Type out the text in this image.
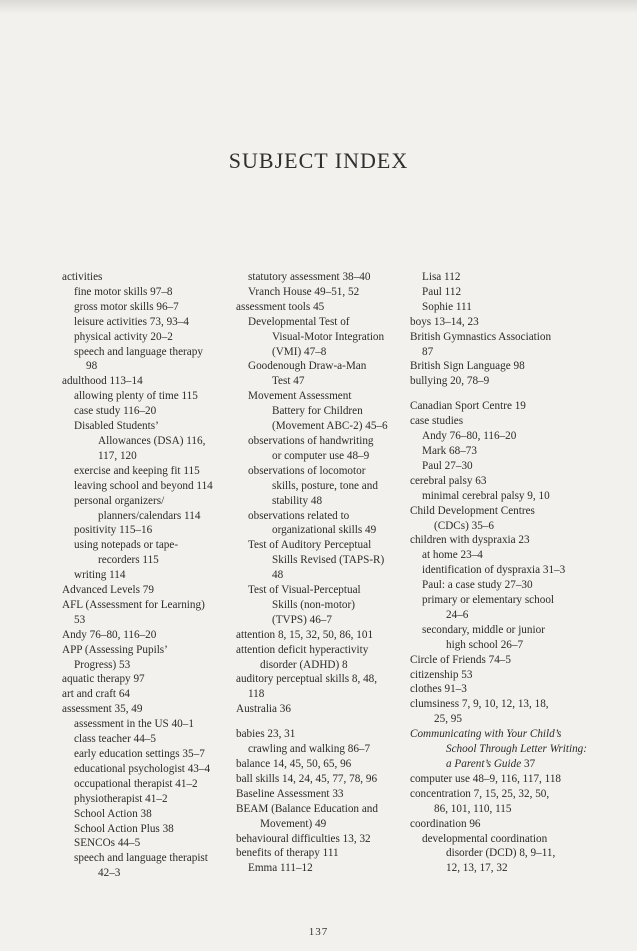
SUBJECT INDEX
activities
fine motor skills 97–8
gross motor skills 96–7
leisure activities 73, 93–4
physical activity 20–2
speech and language therapy
98
adulthood 113–14
allowing plenty of time 115
case study 116–20
Disabled Students’
Allowances (DSA) 116,
117, 120
exercise and keeping fit 115
leaving school and beyond 114
personal organizers/
planners/calendars 114
positivity 115–16
using notepads or tape-
recorders 115
writing 114
Advanced Levels 79
AFL (Assessment for Learning)
53
Andy 76–80, 116–20
APP (Assessing Pupils’
Progress) 53
aquatic therapy 97
art and craft 64
assessment 35, 49
assessment in the US 40–1
class teacher 44–5
early education settings 35–7
educational psychologist 43–4
occupational therapist 41–2
physiotherapist 41–2
School Action 38
School Action Plus 38
SENCOs 44–5
speech and language therapist
42–3
statutory assessment 38–40
Vranch House 49–51, 52
assessment tools 45
Developmental Test of
Visual-Motor Integration
(VMI) 47–8
Goodenough Draw-a-Man
Test 47
Movement Assessment
Battery for Children
(Movement ABC-2) 45–6
observations of handwriting
or computer use 48–9
observations of locomotor
skills, posture, tone and
stability 48
observations related to
organizational skills 49
Test of Auditory Perceptual
Skills Revised (TAPS-R)
48
Test of Visual-Perceptual
Skills (non-motor)
(TVPS) 46–7
attention 8, 15, 32, 50, 86, 101
attention deficit hyperactivity
disorder (ADHD) 8
auditory perceptual skills 8, 48,
118
Australia 36
babies 23, 31
crawling and walking 86–7
balance 14, 45, 50, 65, 96
ball skills 14, 24, 45, 77, 78, 96
Baseline Assessment 33
BEAM (Balance Education and
Movement) 49
behavioural difficulties 13, 32
benefits of therapy 111
Emma 111–12
Lisa 112
Paul 112
Sophie 111
boys 13–14, 23
British Gymnastics Association
87
British Sign Language 98
bullying 20, 78–9
Canadian Sport Centre 19
case studies
Andy 76–80, 116–20
Mark 68–73
Paul 27–30
cerebral palsy 63
minimal cerebral palsy 9, 10
Child Development Centres
(CDCs) 35–6
children with dyspraxia 23
at home 23–4
identification of dyspraxia 31–3
Paul: a case study 27–30
primary or elementary school
24–6
secondary, middle or junior
high school 26–7
Circle of Friends 74–5
citizenship 53
clothes 91–3
clumsiness 7, 9, 10, 12, 13, 18,
25, 95
Communicating with Your Child’s
School Through Letter Writing:
a Parent’s Guide 37
computer use 48–9, 116, 117, 118
concentration 7, 15, 25, 32, 50,
86, 101, 110, 115
coordination 96
developmental coordination
disorder (DCD) 8, 9–11,
12, 13, 17, 32
137
